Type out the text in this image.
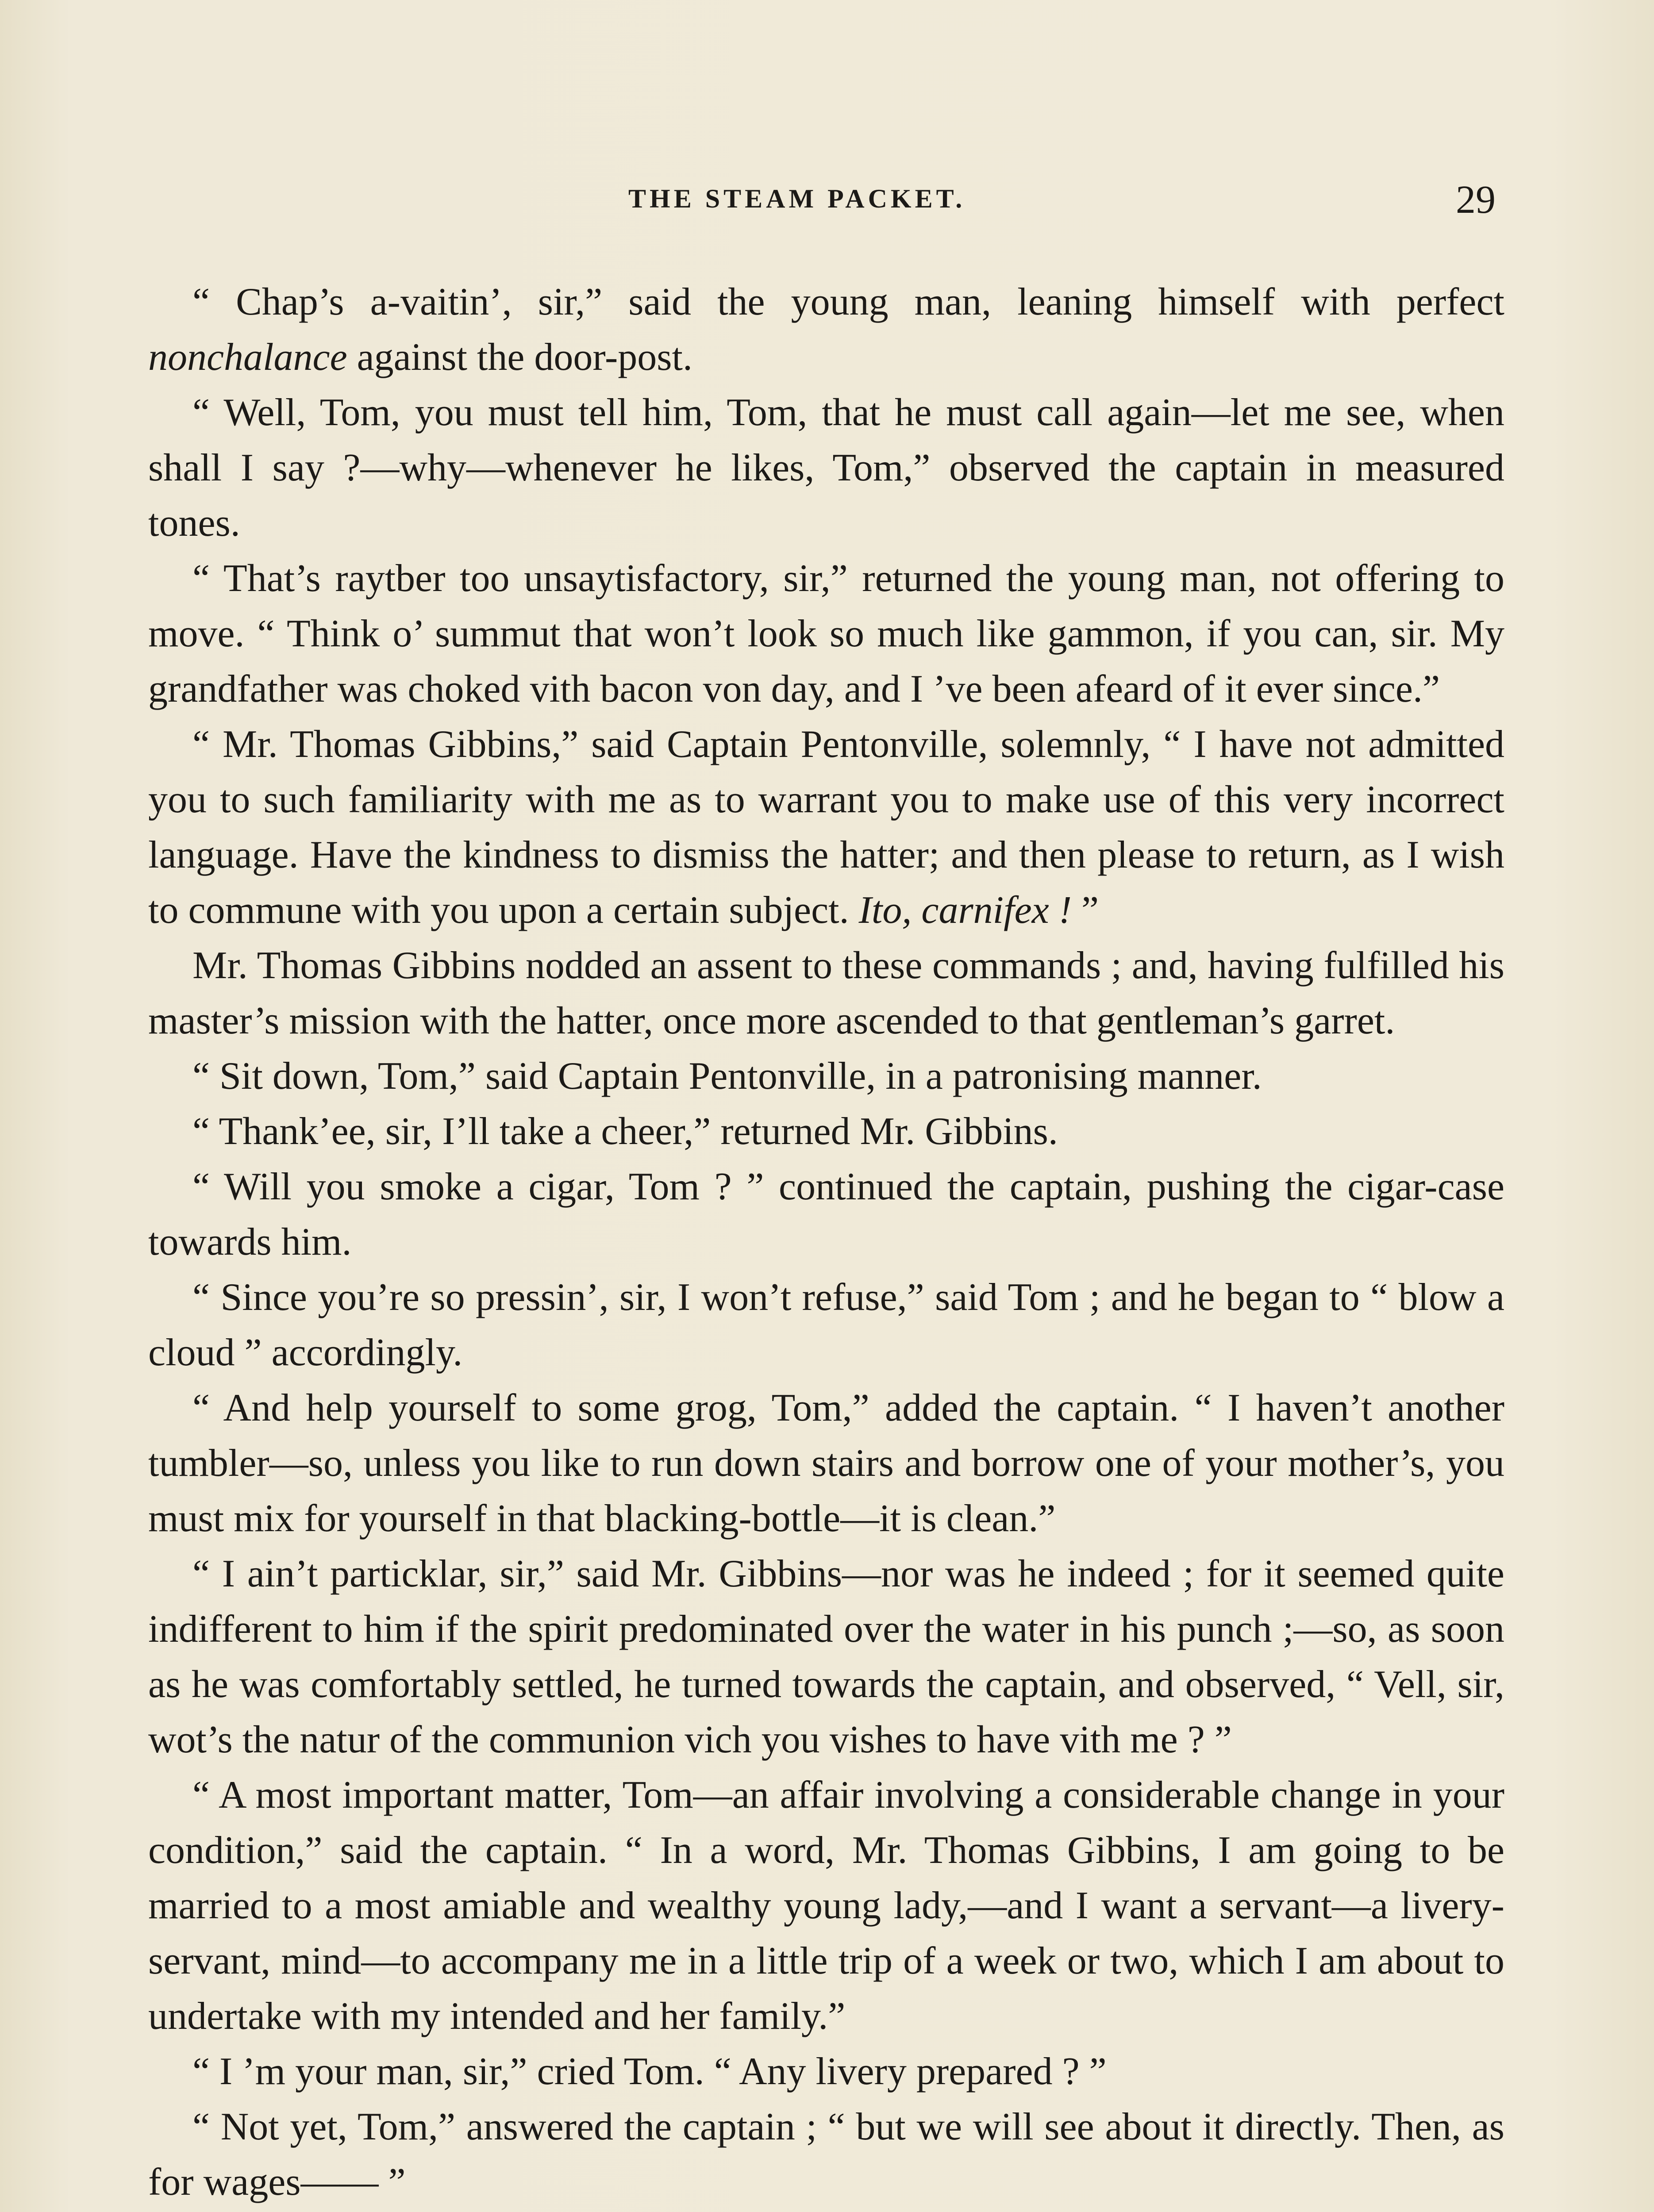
THE STEAM PACKET.	29

“ Chap’s a-vaitin’, sir,” said the young man, leaning himself with perfect nonchalance against the door-post.

“ Well, Tom, you must tell him, Tom, that he must call again—let me see, when shall I say ?—why—whenever he likes, Tom,” observed the captain in measured tones.

“ That’s raytber too unsaytisfactory, sir,” returned the young man, not offering to move. “ Think o’ summut that won’t look so much like gammon, if you can, sir. My grandfather was choked vith bacon von day, and I ’ve been afeard of it ever since.”

“ Mr. Thomas Gibbins,” said Captain Pentonville, solemnly, “ I have not admitted you to such familiarity with me as to warrant you to make use of this very incorrect language. Have the kindness to dismiss the hatter; and then please to return, as I wish to commune with you upon a certain subject. Ito, carnifex ! ”

Mr. Thomas Gibbins nodded an assent to these commands ; and, having fulfilled his master’s mission with the hatter, once more ascended to that gentleman’s garret.

“ Sit down, Tom,” said Captain Pentonville, in a patronising manner.

“ Thank’ee, sir, I’ll take a cheer,” returned Mr. Gibbins.

“ Will you smoke a cigar, Tom ? ” continued the captain, pushing the cigar-case towards him.

“ Since you’re so pressin’, sir, I won’t refuse,” said Tom ; and he began to “ blow a cloud ” accordingly.

“ And help yourself to some grog, Tom,” added the captain. “ I haven’t another tumbler—so, unless you like to run down stairs and borrow one of your mother’s, you must mix for yourself in that blacking-bottle—it is clean.”

“ I ain’t particklar, sir,” said Mr. Gibbins—nor was he indeed ; for it seemed quite indifferent to him if the spirit predominated over the water in his punch ;—so, as soon as he was comfortably settled, he turned towards the captain, and observed, “ Vell, sir, wot’s the natur of the communion vich you vishes to have vith me ? ”

“ A most important matter, Tom—an affair involving a considerable change in your condition,” said the captain. “ In a word, Mr. Thomas Gibbins, I am going to be married to a most amiable and wealthy young lady,—and I want a servant—a livery-servant, mind—to accompany me in a little trip of a week or two, which I am about to undertake with my intended and her family.”

“ I ’m your man, sir,” cried Tom. “ Any livery prepared ? ”

“ Not yet, Tom,” answered the captain ; “ but we will see about it directly. Then, as for wages—— ”
